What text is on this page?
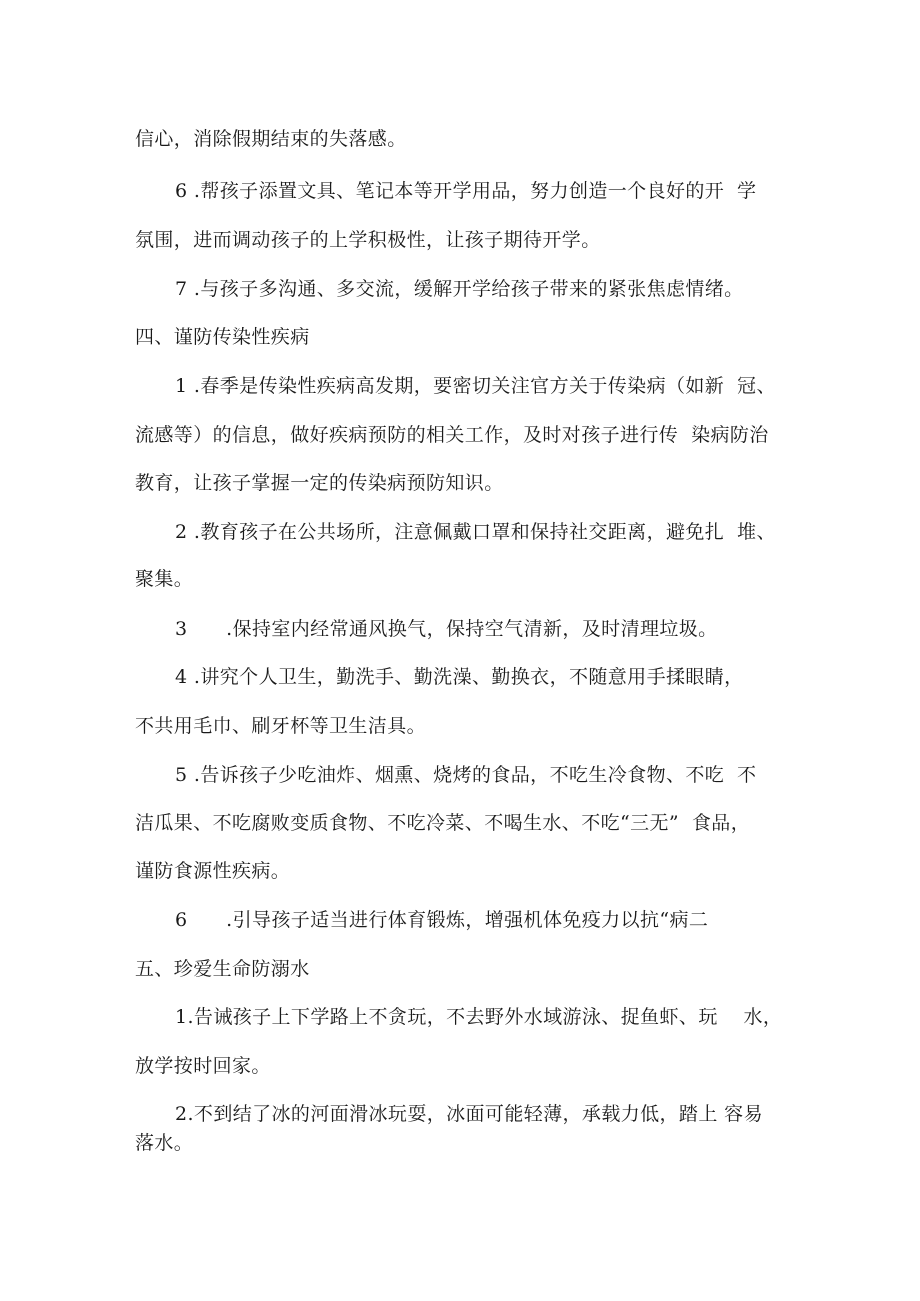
信心，消除假期结束的失落感。
6 .帮孩子添置文具、笔记本等开学用品，努力创造一个良好的开  学
氛围，进而调动孩子的上学积极性，让孩子期待开学。
7 .与孩子多沟通、多交流，缓解开学给孩子带来的紧张焦虑情绪。
四、谨防传染性疾病
1 .春季是传染性疾病高发期，要密切关注官方关于传染病（如新  冠、
流感等）的信息，做好疾病预防的相关工作，及时对孩子进行传  染病防治
教育，让孩子掌握一定的传染病预防知识。
2 .教育孩子在公共场所，注意佩戴口罩和保持社交距离，避免扎  堆、
聚集。
3      .保持室内经常通风换气，保持空气清新，及时清理垃圾。
4 .讲究个人卫生，勤洗手、勤洗澡、勤换衣，不随意用手揉眼睛，
不共用毛巾、刷牙杯等卫生洁具。
5 .告诉孩子少吃油炸、烟熏、烧烤的食品，不吃生冷食物、不吃  不
洁瓜果、不吃腐败变质食物、不吃冷菜、不喝生水、不吃“三无”  食品，
谨防食源性疾病。
6      .引导孩子适当进行体育锻炼，增强机体免疫力以抗“病二
五、珍爱生命防溺水
1.告诫孩子上下学路上不贪玩，不去野外水域游泳、捉鱼虾、玩    水，
放学按时回家。
2.不到结了冰的河面滑冰玩耍，冰面可能轻薄，承载力低，踏上 容易
落水。
